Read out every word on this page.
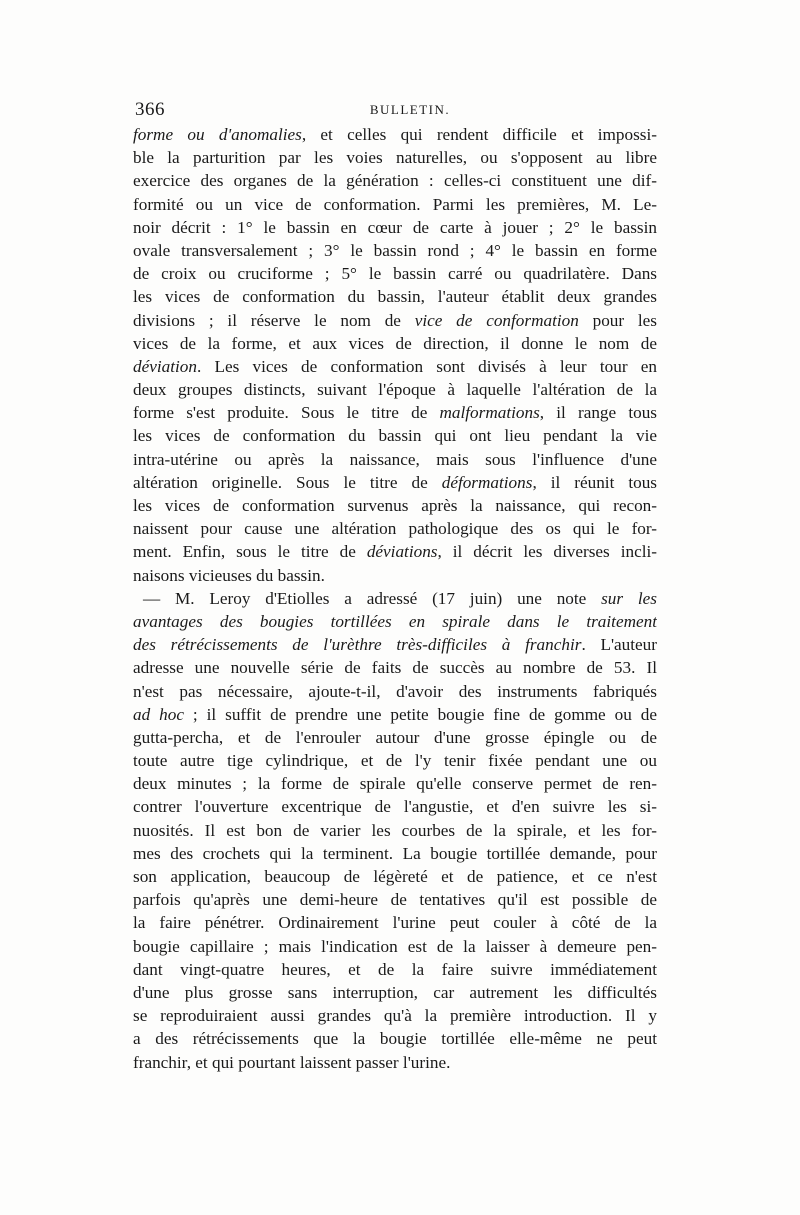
366	BULLETIN.
forme ou d'anomalies, et celles qui rendent difficile et impossi-
ble la parturition par les voies naturelles, ou s'opposent au libre
exercice des organes de la génération : celles-ci constituent une dif-
formité ou un vice de conformation. Parmi les premières, M. Le-
noir décrit : 1° le bassin en cœur de carte à jouer ; 2° le bassin
ovale transversalement ; 3° le bassin rond ; 4° le bassin en forme
de croix ou cruciforme ; 5° le bassin carré ou quadrilatère. Dans
les vices de conformation du bassin, l'auteur établit deux grandes
divisions ; il réserve le nom de vice de conformation pour les
vices de la forme, et aux vices de direction, il donne le nom de
déviation. Les vices de conformation sont divisés à leur tour en
deux groupes distincts, suivant l'époque à laquelle l'altération de la
forme s'est produite. Sous le titre de malformations, il range tous
les vices de conformation du bassin qui ont lieu pendant la vie
intra-utérine ou après la naissance, mais sous l'influence d'une
altération originelle. Sous le titre de déformations, il réunit tous
les vices de conformation survenus après la naissance, qui recon-
naissent pour cause une altération pathologique des os qui le for-
ment. Enfin, sous le titre de déviations, il décrit les diverses incli-
naisons vicieuses du bassin.
— M. Leroy d'Etiolles a adressé (17 juin) une note sur les
avantages des bougies tortillées en spirale dans le traitement
des rétrécissements de l'urèthre très-difficiles à franchir. L'auteur
adresse une nouvelle série de faits de succès au nombre de 53. Il
n'est pas nécessaire, ajoute-t-il, d'avoir des instruments fabriqués
ad hoc ; il suffit de prendre une petite bougie fine de gomme ou de
gutta-percha, et de l'enrouler autour d'une grosse épingle ou de
toute autre tige cylindrique, et de l'y tenir fixée pendant une ou
deux minutes ; la forme de spirale qu'elle conserve permet de ren-
contrer l'ouverture excentrique de l'angustie, et d'en suivre les si-
nuosités. Il est bon de varier les courbes de la spirale, et les for-
mes des crochets qui la terminent. La bougie tortillée demande, pour
son application, beaucoup de légèreté et de patience, et ce n'est
parfois qu'après une demi-heure de tentatives qu'il est possible de
la faire pénétrer. Ordinairement l'urine peut couler à côté de la
bougie capillaire ; mais l'indication est de la laisser à demeure pen-
dant vingt-quatre heures, et de la faire suivre immédiatement
d'une plus grosse sans interruption, car autrement les difficultés
se reproduiraient aussi grandes qu'à la première introduction. Il y
a des rétrécissements que la bougie tortillée elle-même ne peut
franchir, et qui pourtant laissent passer l'urine.
